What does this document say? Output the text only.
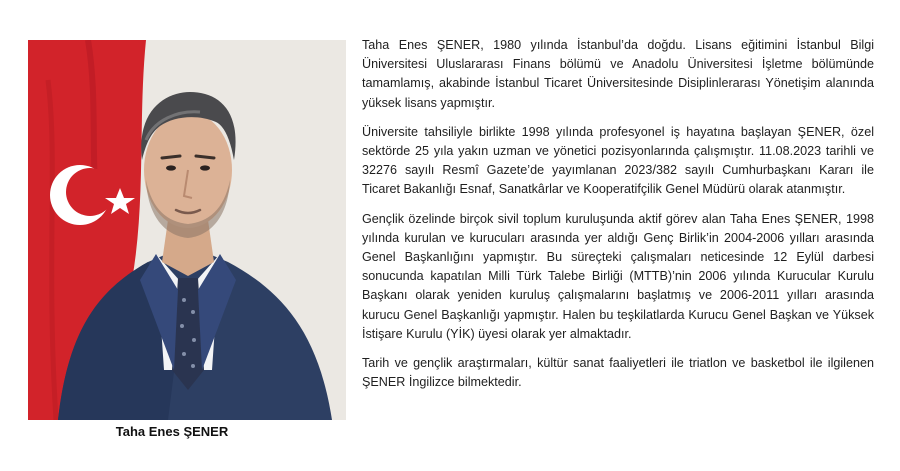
Taha Enes ŞENER

Taha Enes ŞENER, 1980 yılında İstanbul’da doğdu. Lisans eğitimini İstanbul Bilgi Üniversitesi Uluslararası Finans bölümü ve Anadolu Üniversitesi İşletme bölümünde tamamlamış, akabinde İstanbul Ticaret Üniversitesinde Disiplinlerarası Yönetişim alanında yüksek lisans yapmıştır.

Üniversite tahsiliyle birlikte 1998 yılında profesyonel iş hayatına başlayan ŞENER, özel sektörde 25 yıla yakın uzman ve yönetici pozisyonlarında çalışmıştır. 11.08.2023 tarihli ve 32276 sayılı Resmî Gazete’de yayımlanan 2023/382 sayılı Cumhurbaşkanı Kararı ile Ticaret Bakanlığı Esnaf, Sanatkârlar ve Kooperatifçilik Genel Müdürü olarak atanmıştır.

Gençlik özelinde birçok sivil toplum kuruluşunda aktif görev alan Taha Enes ŞENER, 1998 yılında kurulan ve kurucuları arasında yer aldığı Genç Birlik’in 2004-2006 yılları arasında Genel Başkanlığını yapmıştır. Bu süreçteki çalışmaları neticesinde 12 Eylül darbesi sonucunda kapatılan Milli Türk Talebe Birliği (MTTB)’nin 2006 yılında Kurucular Kurulu Başkanı olarak yeniden kuruluş çalışmalarını başlatmış ve 2006-2011 yılları arasında kurucu Genel Başkanlığı yapmıştır. Halen bu teşkilatlarda Kurucu Genel Başkan ve Yüksek İstişare Kurulu (YİK) üyesi olarak yer almaktadır.

Tarih ve gençlik araştırmaları, kültür sanat faaliyetleri ile triatlon ve basketbol ile ilgilenen ŞENER İngilizce bilmektedir.
